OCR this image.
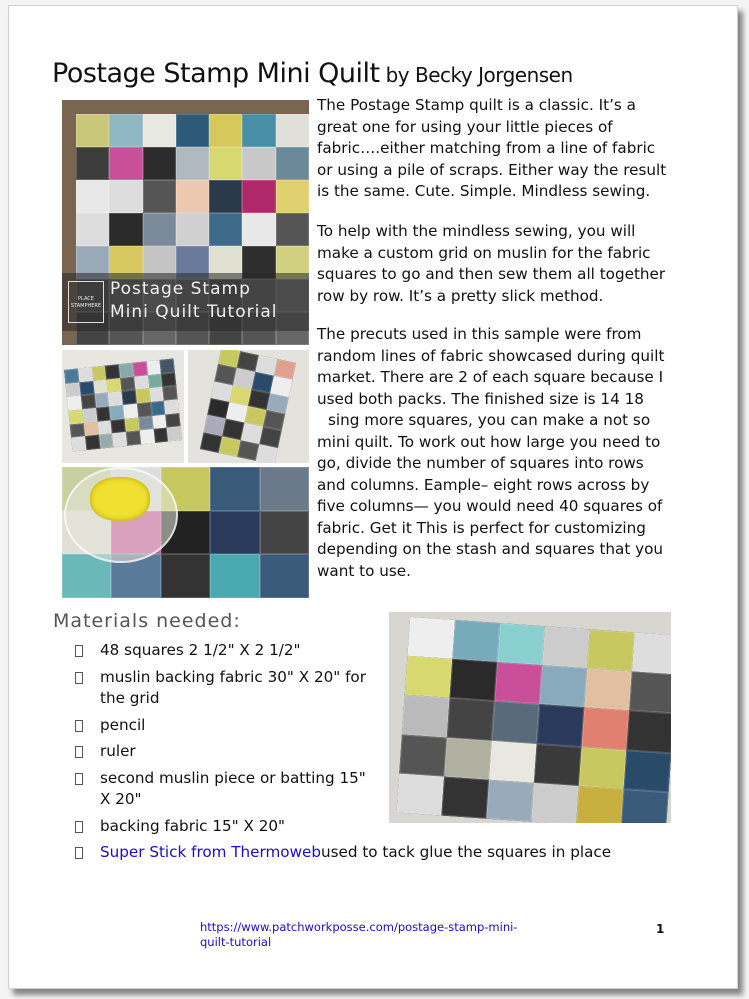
Postage Stamp Mini Quilt by Becky Jorgensen
PLACE STAMPHERE
Postage Stamp
Mini Quilt Tutorial

The Postage Stamp quilt is a classic. It’s a great one for using your little pieces of fabric….either matching from a line of fabric or using a pile of scraps. Either way the result is the same. Cute. Simple. Mindless sewing.

To help with the mindless sewing, you will make a custom grid on muslin for the fabric squares to go and then sew them all together row by row. It’s a pretty slick method.

The precuts used in this sample were from random lines of fabric showcased during quilt market. There are 2 of each square because I used both packs. The finished size is 14 18

sing more squares, you can make a not so mini quilt. To work out how large you need to go, divide the number of squares into rows and columns. Eample– eight rows across by five columns— you would need 40 squares of fabric. Get it This is perfect for customizing depending on the stash and squares that you want to use.

Materials needed:
48 squares 2 1/2" X 2 1/2"
muslin backing fabric 30" X 20" for the grid
pencil
ruler
second muslin piece or batting 15" X 20"
backing fabric 15" X 20"
Super Stick from Thermowebused to tack glue the squares in place
https://www.patchworkposse.com/postage-stamp-mini-quilt-tutorial
1
